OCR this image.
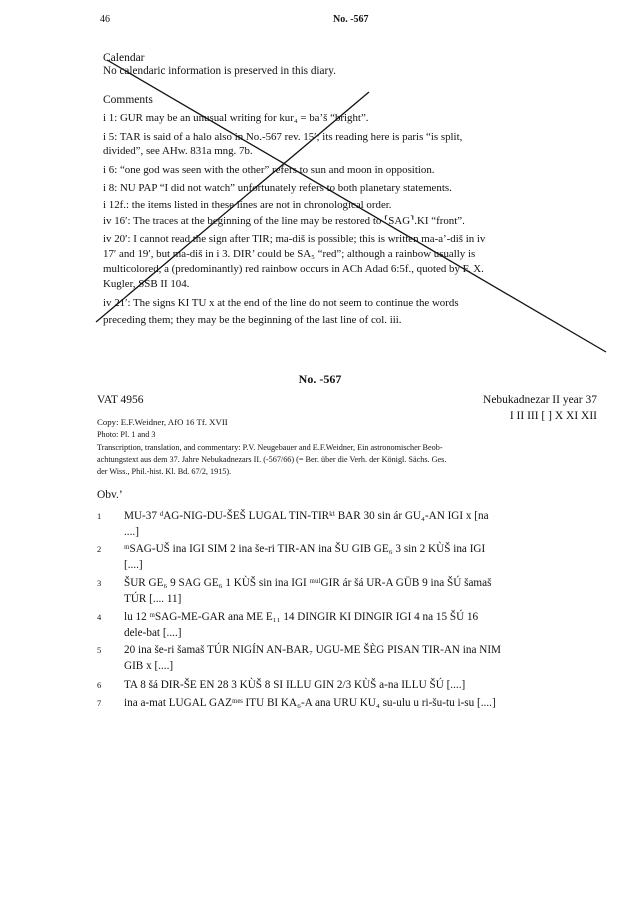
46	No. -567

Calendar

No calendaric information is preserved in this diary.

Comments

i 1: GUR may be an unusual writing for kur₄ = ba’š “bright”.

i 5: TAR is said of a halo also in No.-567 rev. 15′; its reading here is paris “is split,

divided”, see AHw. 831a mng. 7b.

i 6: “one god was seen with the other” refers to sun and moon in opposition.

i 8: NU PAP “I did not watch” unfortunately refers to both planetary statements.

i 12f.: the items listed in these lines are not in chronological order.

iv 16′: The traces at the beginning of the line may be restored to ⸢SAG⸣.KI “front”.

iv 20′: I cannot read the sign after TIR; ma-diš is possible; this is written ma-a’-diš in iv

17′ and 19′, but ma-diš in i 3. DIR’ could be SA₅ “red”; although a rainbow usually is

multicolored, a (predominantly) red rainbow occurs in ACh Adad 6:5f., quoted by F. X.

Kugler, SSB II 104.

iv 21′: The signs KI TU x at the end of the line do not seem to continue the words

preceding them; they may be the beginning of the last line of col. iii.

No. -567
VAT 4956	Nebukadnezar II year 37
I II III [ ] X XI XII
Copy: E.F.Weidner, AfO 16 Tf. XVII
Photo: Pl. 1 and 3
Transcription, translation, and commentary: P.V. Neugebauer and E.F.Weidner, Ein astronomischer Beob-
achtungstext aus dem 37. Jahre Nebukadnezars II. (-567/66) (= Ber. über die Verh. der Königl. Sächs. Ges.
der Wiss., Phil.-hist. Kl. Bd. 67/2, 1915).
Obv.’
1	MU-37 ᵈAG-NIG-DU-ŠEŠ LUGAL TIN-TIRᵏⁱ BAR 30 sin ár GU₄-AN IGI x [na
....]
2	ᵐSAG-UŠ ina IGI SIM 2 ina še-ri TIR-AN ina ŠU GIB GE₆ 3 sin 2 KÙŠ ina IGI
[....]
3	ŠUR GE₆ 9 SAG GE₆ 1 KÙŠ sin ina IGI ᵐᵘˡGIR ár šá UR-A GÜB 9 ina ŠÚ šamaš
TÚR [.... 11]
4	lu 12 ᵐSAG-ME-GAR ana ME E₁₁ 14 DINGIR KI DINGIR IGI 4 na 15 ŠÚ 16
dele-bat [....]
5	20 ina še-ri šamaš TÚR NIGÍN AN-BAR₇ UGU-ME ŠÈG PISAN TIR-AN ina NIM
GIB x [....]
6	TA 8 šá DIR-ŠE EN 28 3 KÙŠ 8 SI ILLU GIN 2/3 KÙŠ a-na ILLU ŠÚ [....]
7	ina a-mat LUGAL GAZᵐᵉˢ ITU BI KA₆-A ana URU KU₄ su-ulu u ri-šu-tu i-su [....]
